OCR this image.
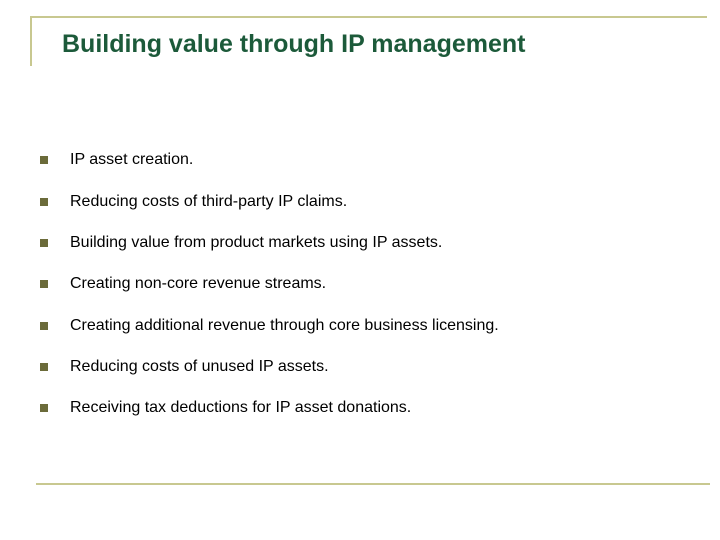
Building value through IP management
IP asset creation.
Reducing costs of third-party IP claims.
Building value from product markets using IP assets.
Creating non-core revenue streams.
Creating additional revenue through core business licensing.
Reducing costs of unused IP assets.
Receiving tax deductions for IP asset donations.
